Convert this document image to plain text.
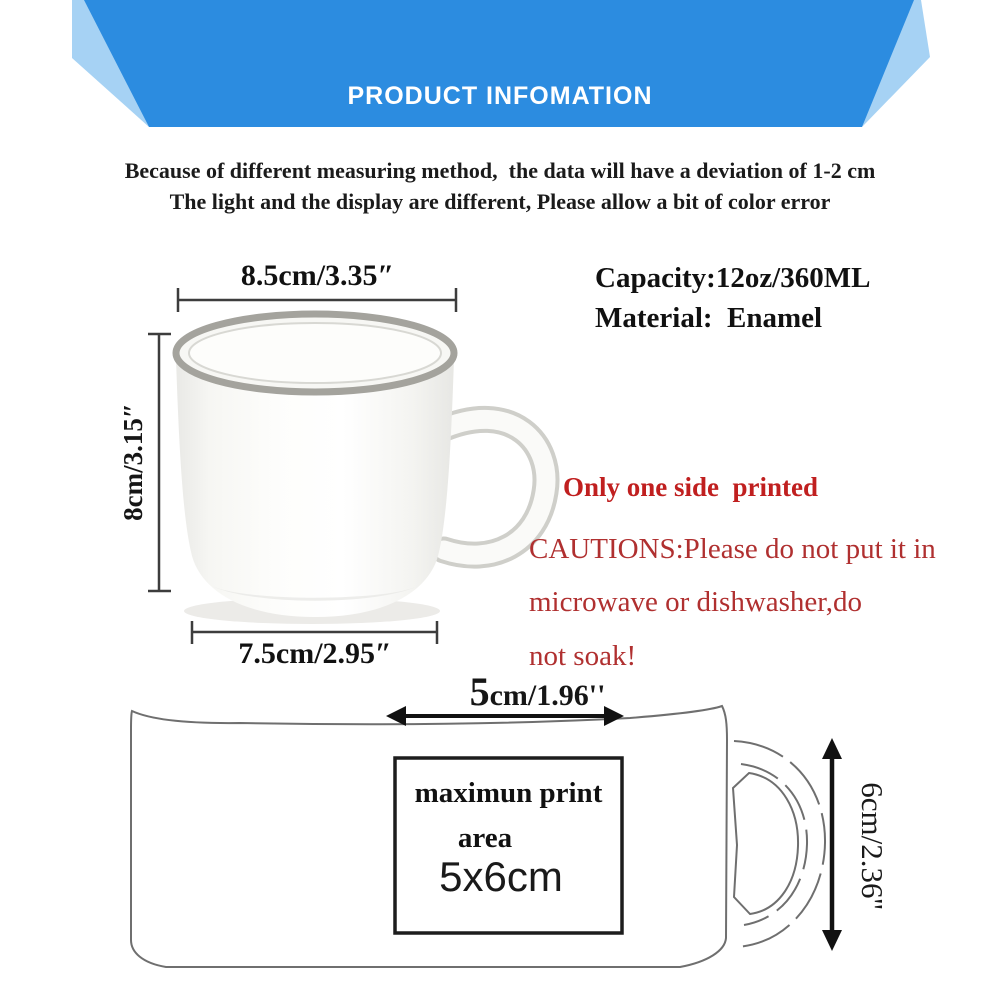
PRODUCT INFOMATION
Because of different measuring method,  the data will have a deviation of 1-2 cm
The light and the display are different, Please allow a bit of color error
8.5cm/3.35″	Capacity:12oz/360ML
Material:  Enamel
8cm/3.15″
7.5cm/2.95″
Only one side  printed
CAUTIONS:Please do not put it in
microwave or dishwasher,do
not soak!
5cm/1.96''
maximun print
area
5x6cm	6cm/2.36''
